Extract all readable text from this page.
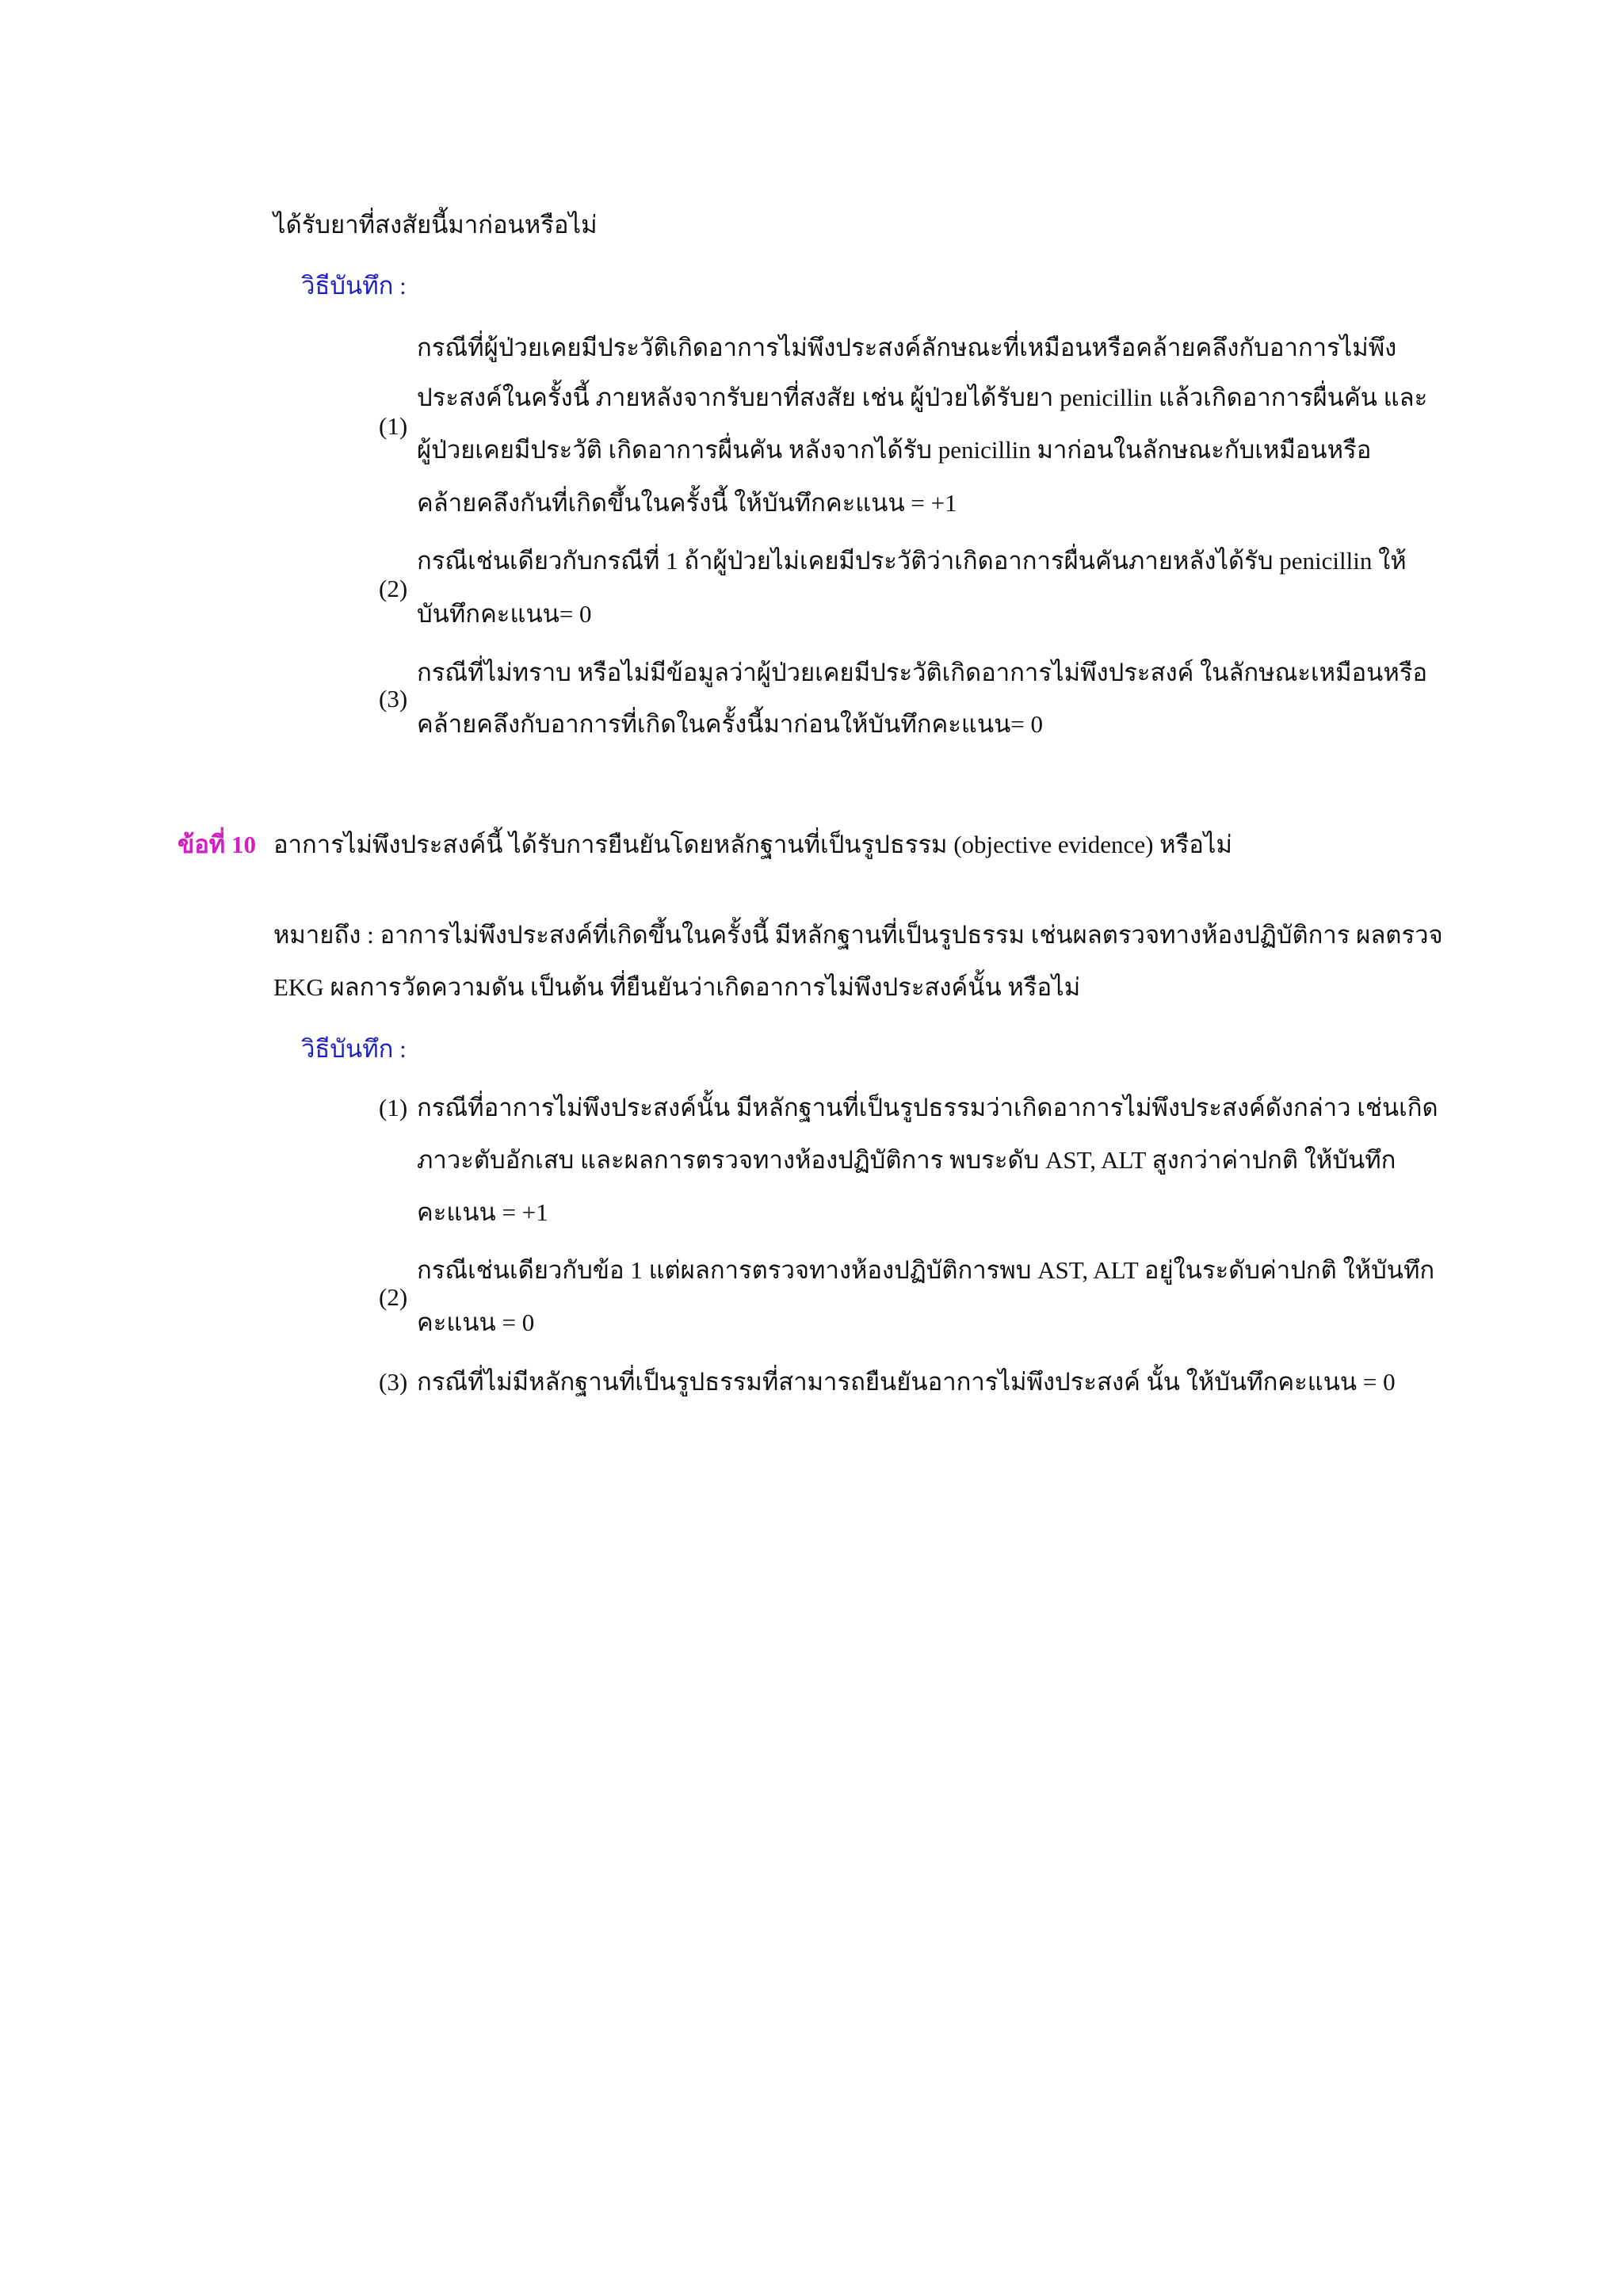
ได้รับยาที่สงสัยนี้มาก่อนหรือไม่
วิธีบันทึก :
(1)
กรณีที่ผู้ป่วยเคยมีประวัติเกิดอาการไม่พึงประสงค์ลักษณะที่เหมือนหรือคล้ายคลึงกับอาการไม่พึง
ประสงค์ในครั้งนี้ ภายหลังจากรับยาที่สงสัย เช่น ผู้ป่วยได้รับยา penicillin แล้วเกิดอาการผื่นคัน และ
ผู้ป่วยเคยมีประวัติ เกิดอาการผื่นคัน หลังจากได้รับ penicillin มาก่อนในลักษณะกับเหมือนหรือ
คล้ายคลึงกันที่เกิดขึ้นในครั้งนี้ ให้บันทึกคะแนน = +1
(2)
กรณีเช่นเดียวกับกรณีที่ 1 ถ้าผู้ป่วยไม่เคยมีประวัติว่าเกิดอาการผื่นคันภายหลังได้รับ penicillin ให้
บันทึกคะแนน= 0
(3)
กรณีที่ไม่ทราบ หรือไม่มีข้อมูลว่าผู้ป่วยเคยมีประวัติเกิดอาการไม่พึงประสงค์ ในลักษณะเหมือนหรือ
คล้ายคลึงกับอาการที่เกิดในครั้งนี้มาก่อนให้บันทึกคะแนน= 0
ข้อที่ 10 อาการไม่พึงประสงค์นี้ ได้รับการยืนยันโดยหลักฐานที่เป็นรูปธรรม (objective evidence) หรือไม่
หมายถึง : อาการไม่พึงประสงค์ที่เกิดขึ้นในครั้งนี้ มีหลักฐานที่เป็นรูปธรรม เช่นผลตรวจทางห้องปฏิบัติการ ผลตรวจ
EKG ผลการวัดความดัน เป็นต้น ที่ยืนยันว่าเกิดอาการไม่พึงประสงค์นั้น หรือไม่
วิธีบันทึก :
(1) กรณีที่อาการไม่พึงประสงค์นั้น มีหลักฐานที่เป็นรูปธรรมว่าเกิดอาการไม่พึงประสงค์ดังกล่าว เช่นเกิด
ภาวะตับอักเสบ และผลการตรวจทางห้องปฏิบัติการ พบระดับ AST, ALT สูงกว่าค่าปกติ ให้บันทึก
คะแนน = +1
(2)
กรณีเช่นเดียวกับข้อ 1 แต่ผลการตรวจทางห้องปฏิบัติการพบ AST, ALT อยู่ในระดับค่าปกติ ให้บันทึก
คะแนน = 0
(3) กรณีที่ไม่มีหลักฐานที่เป็นรูปธรรมที่สามารถยืนยันอาการไม่พึงประสงค์ นั้น ให้บันทึกคะแนน = 0
